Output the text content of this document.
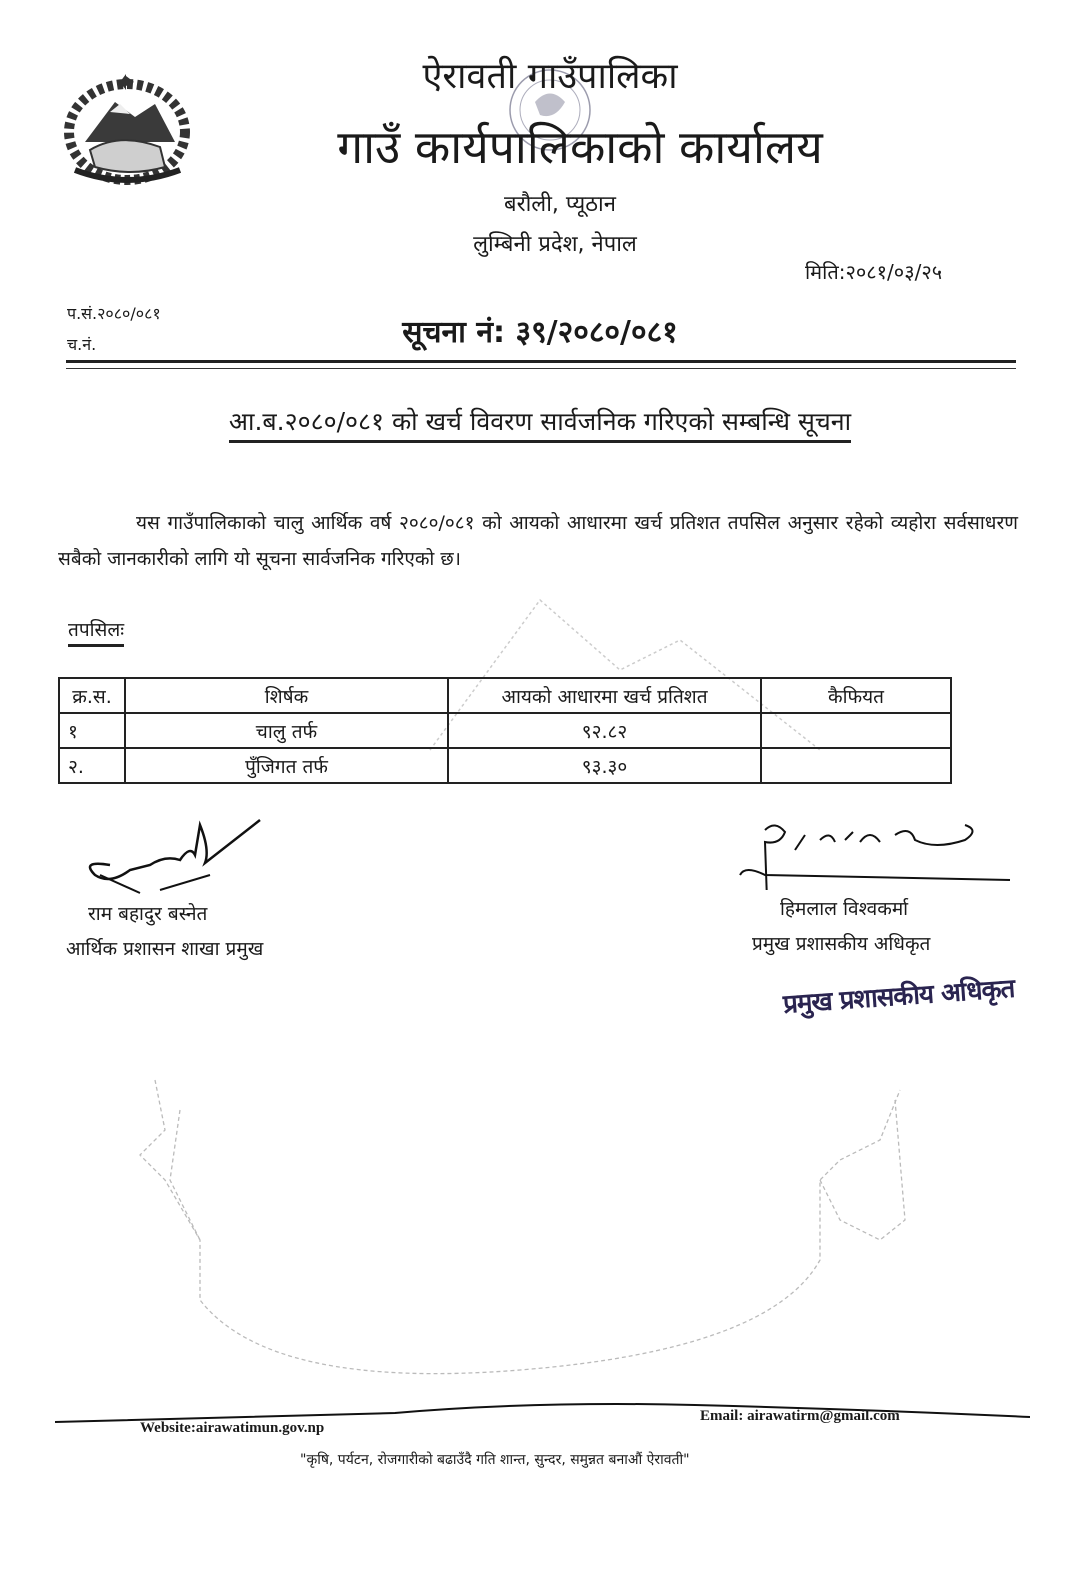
ऐरावती गाउँपालिका
गाउँ कार्यपालिकाको कार्यालय
बरौली, प्यूठान
लुम्बिनी प्रदेश, नेपाल
मिति:२०८१/०३/२५
प.सं.२०८०/०८१
च.नं.	सूचना नं: ३९/२०८०/०८१
आ.ब.२०८०/०८१ को खर्च विवरण सार्वजनिक गरिएको सम्बन्धि सूचना
यस गाउँपालिकाको चालु आर्थिक वर्ष २०८०/०८१ को आयको आधारमा खर्च प्रतिशत तपसिल अनुसार रहेको व्यहोरा सर्वसाधरण सबैको जानकारीको लागि यो सूचना सार्वजनिक गरिएको छ।
तपसिलः
क्र.स.	शिर्षक	आयको आधारमा खर्च प्रतिशत	कैफियत
१	चालु तर्फ	९२.८२	
२.	पुँजिगत तर्फ	९३.३०	
राम बहादुर बस्नेत
आर्थिक प्रशासन शाखा प्रमुख
हिमलाल विश्वकर्मा
प्रमुख प्रशासकीय अधिकृत
प्रमुख प्रशासकीय अधिकृत
Website:airawatimun.gov.np
Email: airawatirm@gmail.com
"कृषि, पर्यटन, रोजगारीको बढाउँदै गति शान्त, सुन्दर, समुन्नत बनाऔं ऐरावती"
